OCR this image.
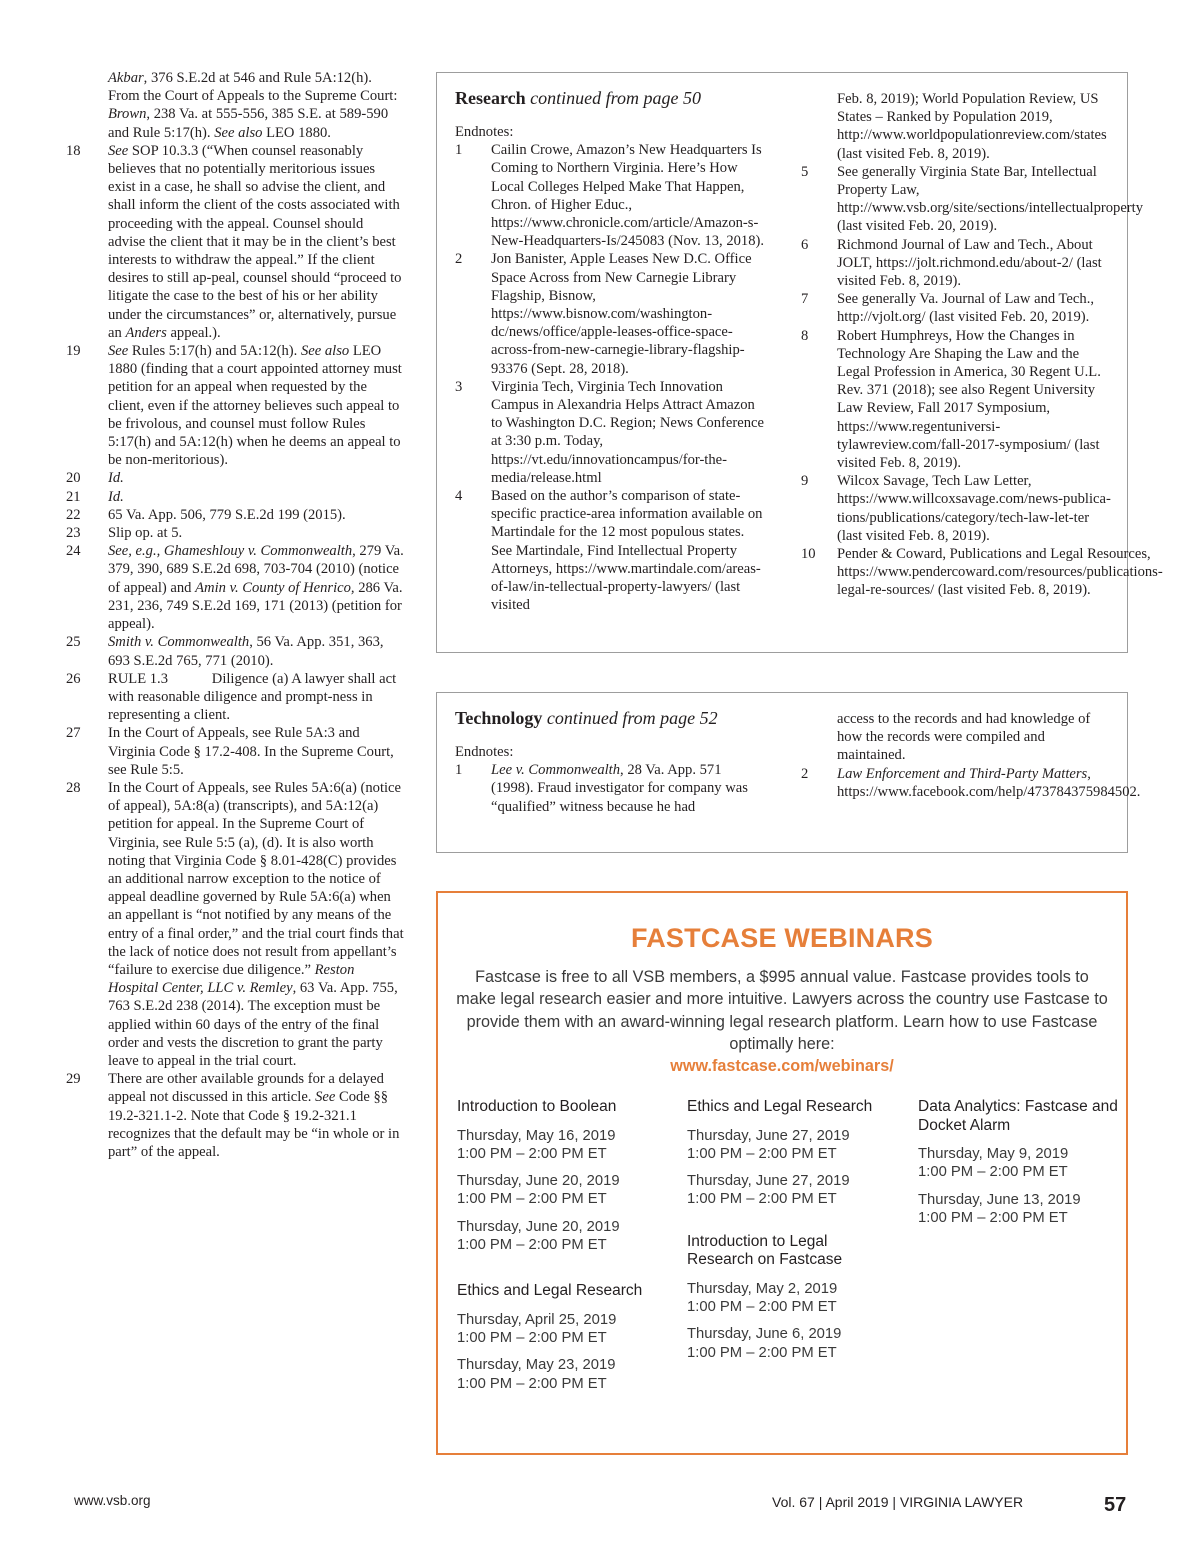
Akbar, 376 S.E.2d at 546 and Rule 5A:12(h). From the Court of Appeals to the Supreme Court: Brown, 238 Va. at 555-556, 385 S.E. at 589-590 and Rule 5:17(h). See also LEO 1880.
18	See SOP 10.3.3 (“When counsel reasonably believes that no potentially meritorious issues exist in a case, he shall so advise the client, and shall inform the client of the costs associated with proceeding with the appeal. Counsel should advise the client that it may be in the client’s best interests to withdraw the appeal.” If the client desires to still ap-peal, counsel should “proceed to litigate the case to the best of his or her ability under the circumstances” or, alternatively, pursue an Anders appeal.).
19	See Rules 5:17(h) and 5A:12(h). See also LEO 1880 (finding that a court appointed attorney must petition for an appeal when requested by the client, even if the attorney believes such appeal to be frivolous, and counsel must follow Rules 5:17(h) and 5A:12(h) when he deems an appeal to be non-meritorious).
20	Id.
21	Id.
22	65 Va. App. 506, 779 S.E.2d 199 (2015).
23	Slip op. at 5.
24	See, e.g., Ghameshlouy v. Commonwealth, 279 Va. 379, 390, 689 S.E.2d 698, 703-704 (2010) (notice of appeal) and Amin v. County of Henrico, 286 Va. 231, 236, 749 S.E.2d 169, 171 (2013) (petition for appeal).
25	Smith v. Commonwealth, 56 Va. App. 351, 363, 693 S.E.2d 765, 771 (2010).
26	RULE 1.3            Diligence (a) A lawyer shall act with reasonable diligence and prompt-ness in representing a client.
27	In the Court of Appeals, see Rule 5A:3 and Virginia Code § 17.2-408. In the Supreme Court, see Rule 5:5.
28	In the Court of Appeals, see Rules 5A:6(a) (notice of appeal), 5A:8(a) (transcripts), and 5A:12(a) petition for appeal. In the Supreme Court of Virginia, see Rule 5:5 (a), (d). It is also worth noting that Virginia Code § 8.01-428(C) provides an additional narrow exception to the notice of appeal deadline governed by Rule 5A:6(a) when an appellant is “not notified by any means of the entry of a final order,” and the trial court finds that the lack of notice does not result from appellant’s “failure to exercise due diligence.” Reston Hospital Center, LLC v. Remley, 63 Va. App. 755, 763 S.E.2d 238 (2014). The exception must be applied within 60 days of the entry of the final order and vests the discretion to grant the party leave to appeal in the trial court.
29	There are other available grounds for a delayed appeal not discussed in this article. See Code §§ 19.2-321.1-2. Note that Code § 19.2-321.1 recognizes that the default may be “in whole or in part” of the appeal.
Research continued from page 50
Endnotes:
1	Cailin Crowe, Amazon’s New Headquarters Is Coming to Northern Virginia. Here’s How Local Colleges Helped Make That Happen, Chron. of Higher Educ., https://www.chronicle.com/article/Amazon-s-New-Headquarters-Is/245083 (Nov. 13, 2018).
2	Jon Banister, Apple Leases New D.C. Office Space Across from New Carnegie Library Flagship, Bisnow, https://www.bisnow.com/washington-dc/news/office/apple-leases-office-space-across-from-new-carnegie-library-flagship-93376 (Sept. 28, 2018).
3	Virginia Tech, Virginia Tech Innovation Campus in Alexandria Helps Attract Amazon to Washington D.C. Region; News Conference at 3:30 p.m. Today, https://vt.edu/innovationcampus/for-the-media/release.html
4	Based on the author’s comparison of state-specific practice-area information available on Martindale for the 12 most populous states. See Martindale, Find Intellectual Property Attorneys, https://www.martindale.com/areas-of-law/in-tellectual-property-lawyers/ (last visited
Feb. 8, 2019); World Population Review, US States – Ranked by Population 2019, http://www.worldpopulationreview.com/states (last visited Feb. 8, 2019).
5	See generally Virginia State Bar, Intellectual Property Law, http://www.vsb.org/site/sections/intellectualproperty (last visited Feb. 20, 2019).
6	Richmond Journal of Law and Tech., About JOLT, https://jolt.richmond.edu/about-2/ (last visited Feb. 8, 2019).
7	See generally Va. Journal of Law and Tech., http://vjolt.org/ (last visited Feb. 20, 2019).
8	Robert Humphreys, How the Changes in Technology Are Shaping the Law and the Legal Profession in America, 30 Regent U.L. Rev. 371 (2018); see also Regent University Law Review, Fall 2017 Symposium, https://www.regentuniversi-tylawreview.com/fall-2017-symposium/ (last visited Feb. 8, 2019).
9	Wilcox Savage, Tech Law Letter, https://www.willcoxsavage.com/news-publica-tions/publications/category/tech-law-let-ter (last visited Feb. 8, 2019).
10	Pender & Coward, Publications and Legal Resources, https://www.pendercoward.com/resources/publications-legal-re-sources/ (last visited Feb. 8, 2019).
Technology continued from page 52
Endnotes:
1	Lee v. Commonwealth, 28 Va. App. 571 (1998). Fraud investigator for company was “qualified” witness because he had
access to the records and had knowledge of how the records were compiled and maintained.
2	Law Enforcement and Third-Party Matters, https://www.facebook.com/help/473784375984502.
FASTCASE WEBINARS
Fastcase is free to all VSB members, a $995 annual value. Fastcase provides tools to make legal research easier and more intuitive. Lawyers across the country use Fastcase to provide them with an award-winning legal research platform. Learn how to use Fastcase optimally here:
www.fastcase.com/webinars/
Introduction to Boolean
Thursday, May 16, 2019
1:00 PM – 2:00 PM ET
Thursday, June 20, 2019
1:00 PM – 2:00 PM ET
Thursday, June 20, 2019
1:00 PM – 2:00 PM ET
Ethics and Legal Research
Thursday, April 25, 2019
1:00 PM – 2:00 PM ET
Thursday, May 23, 2019
1:00 PM – 2:00 PM ET
Ethics and Legal Research
Thursday, June 27, 2019
1:00 PM – 2:00 PM ET
Thursday, June 27, 2019
1:00 PM – 2:00 PM ET
Introduction to Legal Research on Fastcase
Thursday, May 2, 2019
1:00 PM – 2:00 PM ET
Thursday, June 6, 2019
1:00 PM – 2:00 PM ET
Data Analytics: Fastcase and Docket Alarm
Thursday, May 9, 2019
1:00 PM – 2:00 PM ET
Thursday, June 13, 2019
1:00 PM – 2:00 PM ET
www.vsb.org	Vol. 67 | April 2019 | VIRGINIA LAWYER	57
